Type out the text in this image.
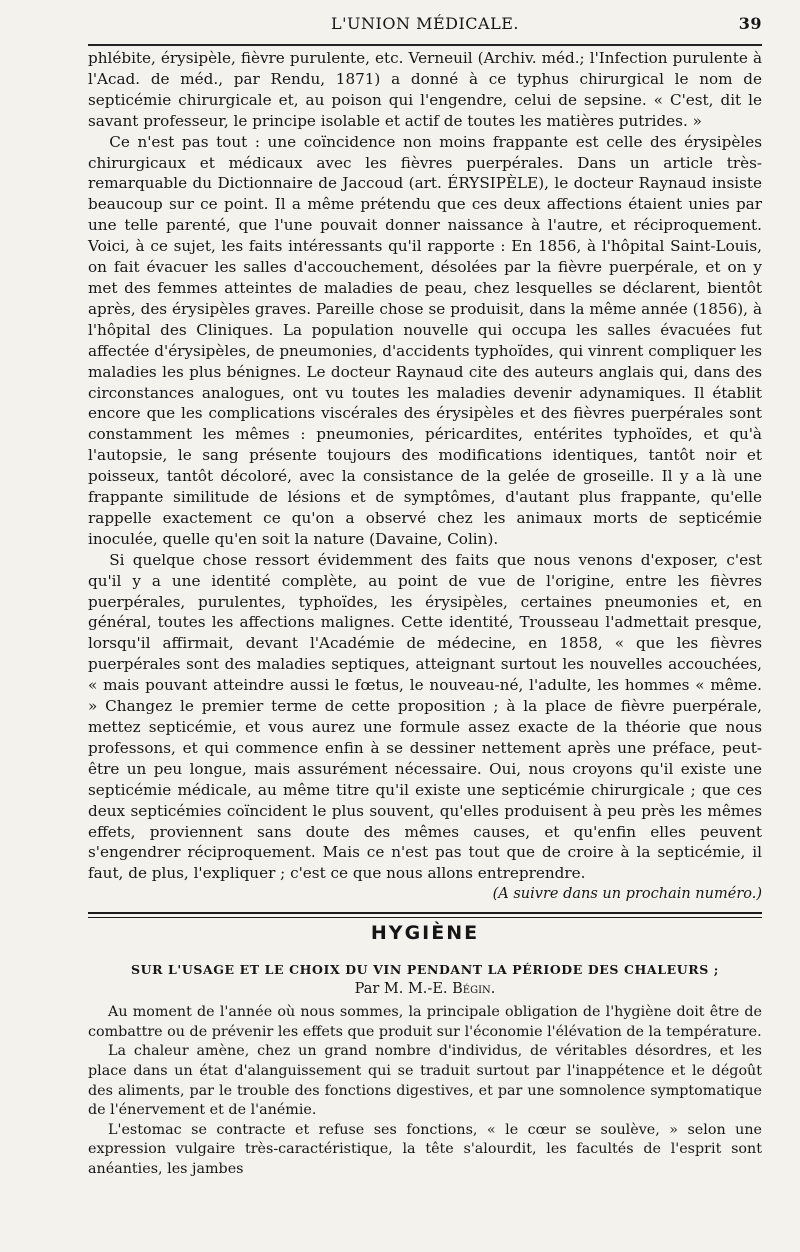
L'UNION MÉDICALE.	39

phlébite, érysipèle, fièvre purulente, etc. Verneuil (Archiv. méd.; l'Infection purulente à l'Acad. de méd., par Rendu, 1871) a donné à ce typhus chirurgical le nom de septicémie chirurgicale et, au poison qui l'engendre, celui de sepsine. « C'est, dit le savant professeur, le principe isolable et actif de toutes les matières putrides. »

Ce n'est pas tout : une coïncidence non moins frappante est celle des érysipèles chirurgicaux et médicaux avec les fièvres puerpérales. Dans un article très-remarquable du Dictionnaire de Jaccoud (art. ÉRYSIPÈLE), le docteur Raynaud insiste beaucoup sur ce point. Il a même prétendu que ces deux affections étaient unies par une telle parenté, que l'une pouvait donner naissance à l'autre, et réciproquement. Voici, à ce sujet, les faits intéressants qu'il rapporte : En 1856, à l'hôpital Saint-Louis, on fait évacuer les salles d'accouchement, désolées par la fièvre puerpérale, et on y met des femmes atteintes de maladies de peau, chez lesquelles se déclarent, bientôt après, des érysipèles graves. Pareille chose se produisit, dans la même année (1856), à l'hôpital des Cliniques. La population nouvelle qui occupa les salles évacuées fut affectée d'érysipèles, de pneumonies, d'accidents typhoïdes, qui vinrent compliquer les maladies les plus bénignes. Le docteur Raynaud cite des auteurs anglais qui, dans des circonstances analogues, ont vu toutes les maladies devenir adynamiques. Il établit encore que les complications viscérales des érysipèles et des fièvres puerpérales sont constamment les mêmes : pneumonies, péricardites, entérites typhoïdes, et qu'à l'autopsie, le sang présente toujours des modifications identiques, tantôt noir et poisseux, tantôt décoloré, avec la consistance de la gelée de groseille. Il y a là une frappante similitude de lésions et de symptômes, d'autant plus frappante, qu'elle rappelle exactement ce qu'on a observé chez les animaux morts de septicémie inoculée, quelle qu'en soit la nature (Davaine, Colin).

Si quelque chose ressort évidemment des faits que nous venons d'exposer, c'est qu'il y a une identité complète, au point de vue de l'origine, entre les fièvres puerpérales, purulentes, typhoïdes, les érysipèles, certaines pneumonies et, en général, toutes les affections malignes. Cette identité, Trousseau l'admettait presque, lorsqu'il affirmait, devant l'Académie de médecine, en 1858, « que les fièvres puerpérales sont des maladies septiques, atteignant surtout les nouvelles accouchées, « mais pouvant atteindre aussi le fœtus, le nouveau-né, l'adulte, les hommes « même. » Changez le premier terme de cette proposition ; à la place de fièvre puerpérale, mettez septicémie, et vous aurez une formule assez exacte de la théorie que nous professons, et qui commence enfin à se dessiner nettement après une préface, peut-être un peu longue, mais assurément nécessaire. Oui, nous croyons qu'il existe une septicémie médicale, au même titre qu'il existe une septicémie chirurgicale ; que ces deux septicémies coïncident le plus souvent, qu'elles produisent à peu près les mêmes effets, proviennent sans doute des mêmes causes, et qu'enfin elles peuvent s'engendrer réciproquement. Mais ce n'est pas tout que de croire à la septicémie, il faut, de plus, l'expliquer ; c'est ce que nous allons entreprendre.

(A suivre dans un prochain numéro.)

HYGIÈNE
SUR L'USAGE ET LE CHOIX DU VIN PENDANT LA PÉRIODE DES CHALEURS ;
Par M. M.-E. Bégin.

Au moment de l'année où nous sommes, la principale obligation de l'hygiène doit être de combattre ou de prévenir les effets que produit sur l'économie l'élévation de la température.

La chaleur amène, chez un grand nombre d'individus, de véritables désordres, et les place dans un état d'alanguissement qui se traduit surtout par l'inappétence et le dégoût des aliments, par le trouble des fonctions digestives, et par une somnolence symptomatique de l'énervement et de l'anémie.

L'estomac se contracte et refuse ses fonctions, « le cœur se soulève, » selon une expression vulgaire très-caractéristique, la tête s'alourdit, les facultés de l'esprit sont anéanties, les jambes
